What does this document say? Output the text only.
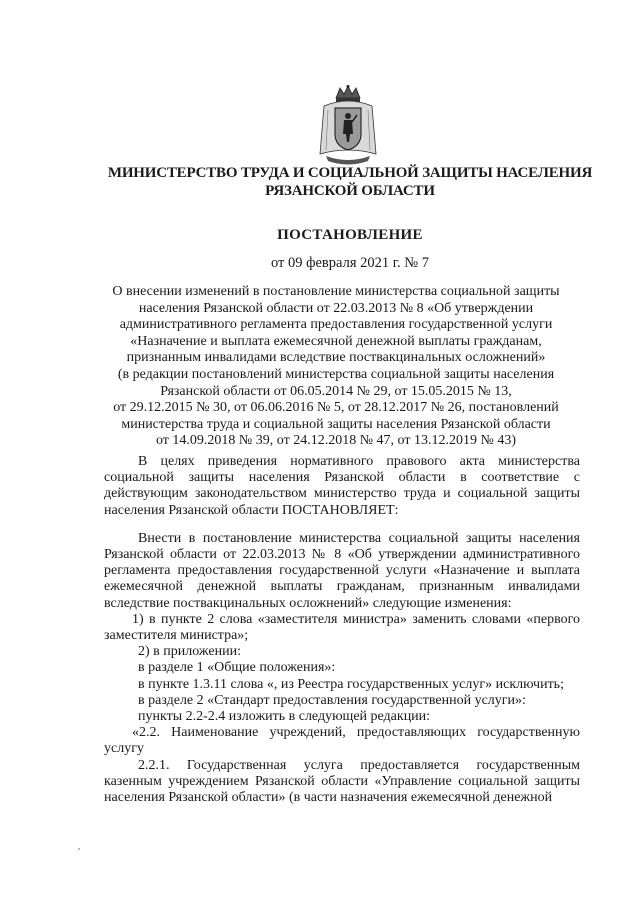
МИНИСТЕРСТВО ТРУДА И СОЦИАЛЬНОЙ ЗАЩИТЫ НАСЕЛЕНИЯ
РЯЗАНСКОЙ ОБЛАСТИ
ПОСТАНОВЛЕНИЕ
от 09 февраля 2021 г. № 7
О внесении изменений в постановление министерства социальной защиты
населения Рязанской области от 22.03.2013 № 8 «Об утверждении
административного регламента предоставления государственной услуги
«Назначение и выплата ежемесячной денежной выплаты гражданам,
признанным инвалидами вследствие поствакцинальных осложнений»
(в редакции постановлений министерства социальной защиты населения
Рязанской области от 06.05.2014 № 29, от 15.05.2015 № 13,
от 29.12.2015 № 30, от 06.06.2016 № 5, от 28.12.2017 № 26, постановлений
министерства труда и социальной защиты населения Рязанской области
от 14.09.2018 № 39, от 24.12.2018 № 47, от 13.12.2019 № 43)

В целях приведения нормативного правового акта министерства социальной защиты населения Рязанской области в соответствие с действующим законодательством министерство труда и социальной защиты населения Рязанской области ПОСТАНОВЛЯЕТ:

Внести в постановление министерства социальной защиты населения Рязанской области от 22.03.2013 № 8 «Об утверждении административного регламента предоставления государственной услуги «Назначение и выплата ежемесячной денежной выплаты гражданам, признанным инвалидами вследствие поствакцинальных осложнений» следующие изменения:

1) в пункте 2 слова «заместителя министра» заменить словами «первого заместителя министра»;

2) в приложении:

в разделе 1 «Общие положения»:

в пункте 1.3.11 слова «, из Реестра государственных услуг» исключить;

в разделе 2 «Стандарт предоставления государственной услуги»:

пункты 2.2-2.4 изложить в следующей редакции:

«2.2. Наименование учреждений, предоставляющих государственную услугу

2.2.1. Государственная услуга предоставляется государственным казенным учреждением Рязанской области «Управление социальной защиты населения Рязанской области» (в части назначения ежемесячной денежной
